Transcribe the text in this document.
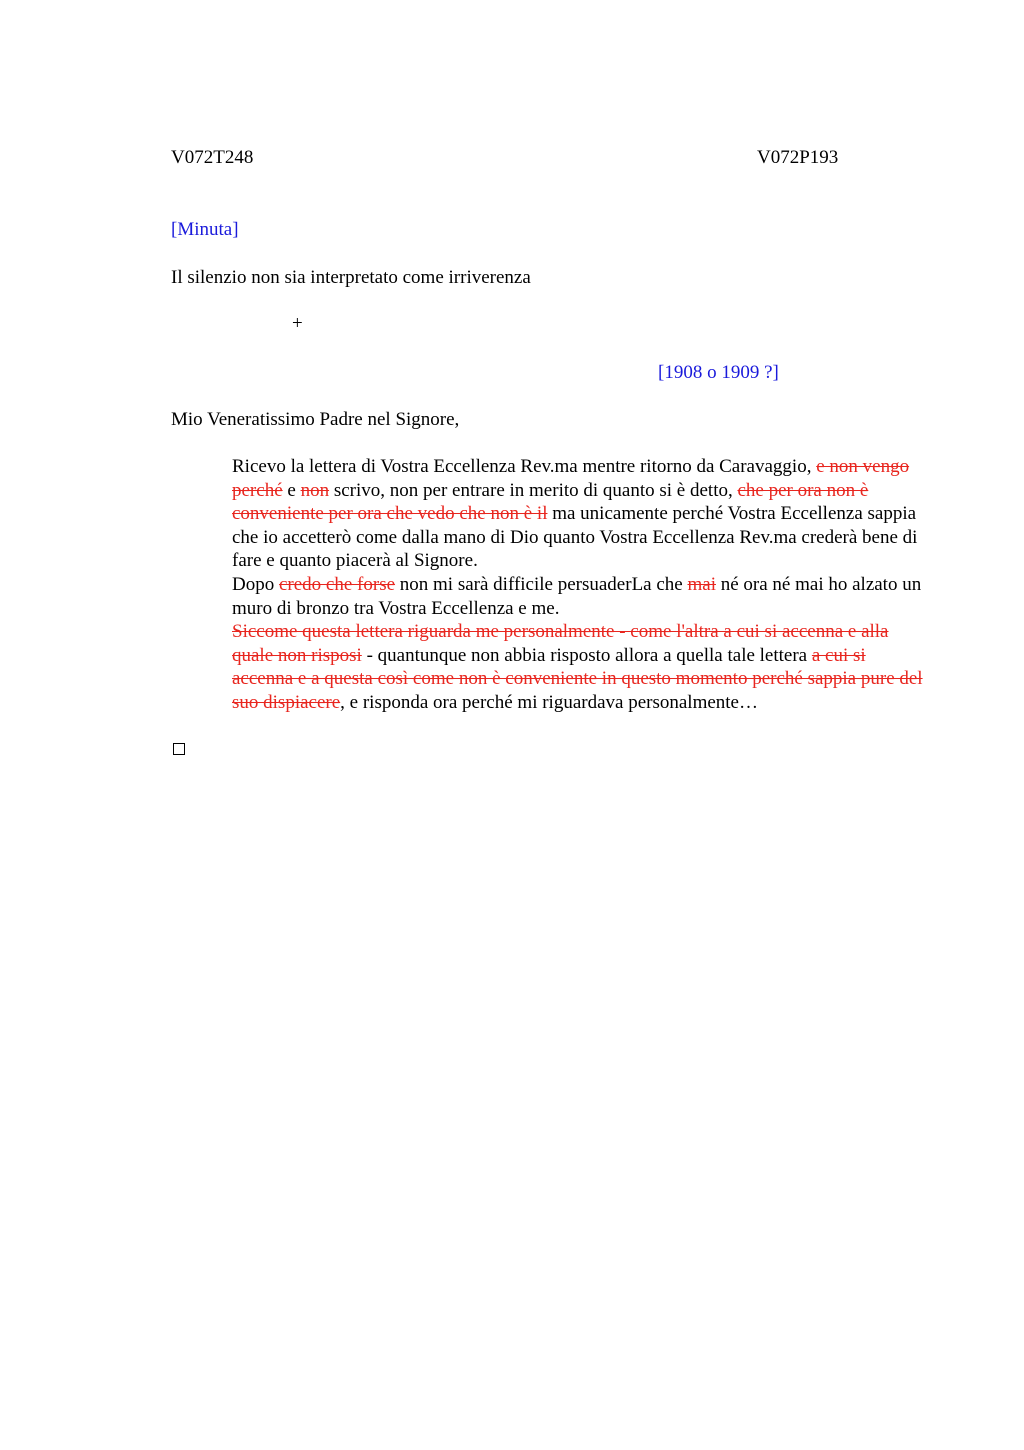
V072T248	V072P193
[Minuta]
Il silenzio non sia interpretato come irriverenza
+
[1908 o 1909 ?]
Mio Veneratissimo Padre nel Signore,

Ricevo la lettera di Vostra Eccellenza Rev.ma mentre ritorno da Caravaggio, e non vengo perché e non scrivo, non per entrare in merito di quanto si è detto, che per ora non è conveniente per ora che vedo che non è il ma unicamente perché Vostra Eccellenza sappia che io accetterò come dalla mano di Dio quanto Vostra Eccellenza Rev.ma crederà bene di fare e quanto piacerà al Signore.

Dopo credo che forse non mi sarà difficile persuaderLa che mai né ora né mai ho alzato un muro di bronzo tra Vostra Eccellenza e me.

Siccome questa lettera riguarda me personalmente - come l'altra a cui si accenna e alla quale non risposi - quantunque non abbia risposto allora a quella tale lettera a cui si accenna e a questa così come non è conveniente in questo momento perché sappia pure del suo dispiacere, e risponda ora perché mi riguardava personalmente…
